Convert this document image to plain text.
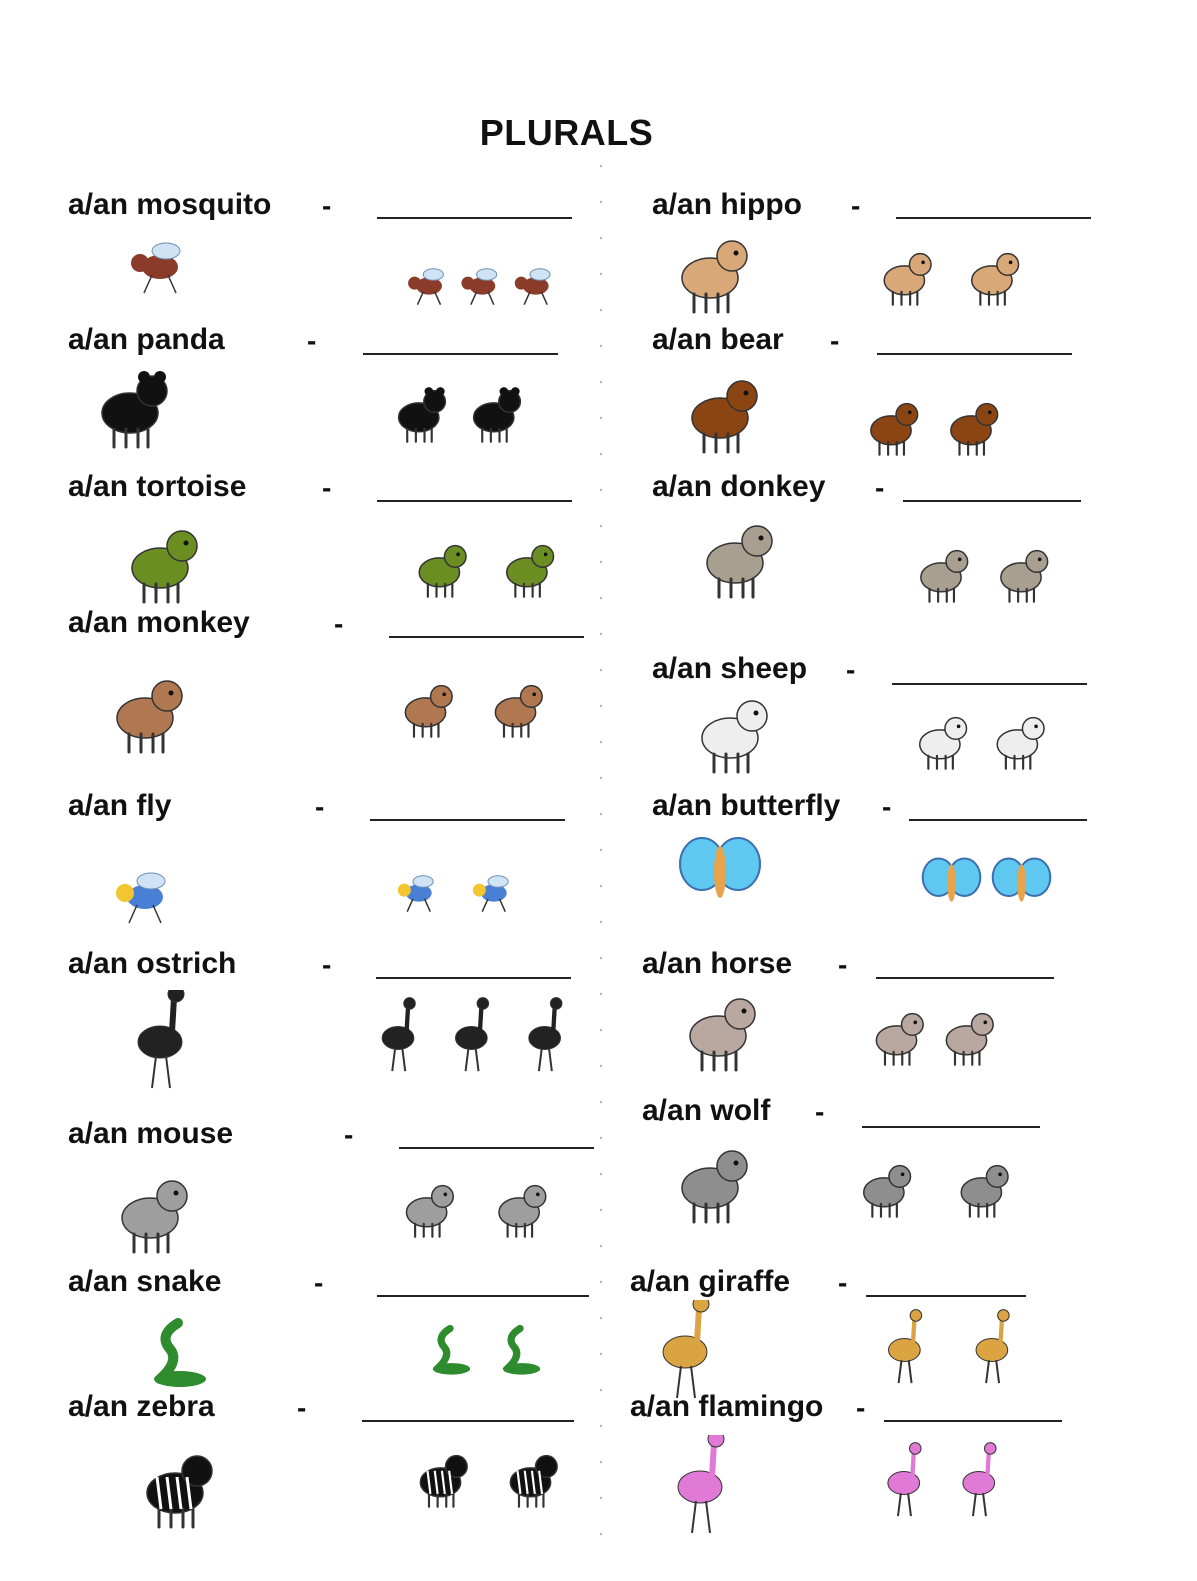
PLURALS
a/an mosquito -
a/an panda	-
a/an tortoise	-
a/an monkey	-
a/an fly	-
a/an ostrich	-
a/an mouse	-
a/an snake	-
a/an zebra	-
a/an hippo -
a/an bear -
a/an donkey -
a/an sheep -
a/an butterfly -
a/an horse -
a/an wolf -
a/an giraffe -
a/an flamingo -
